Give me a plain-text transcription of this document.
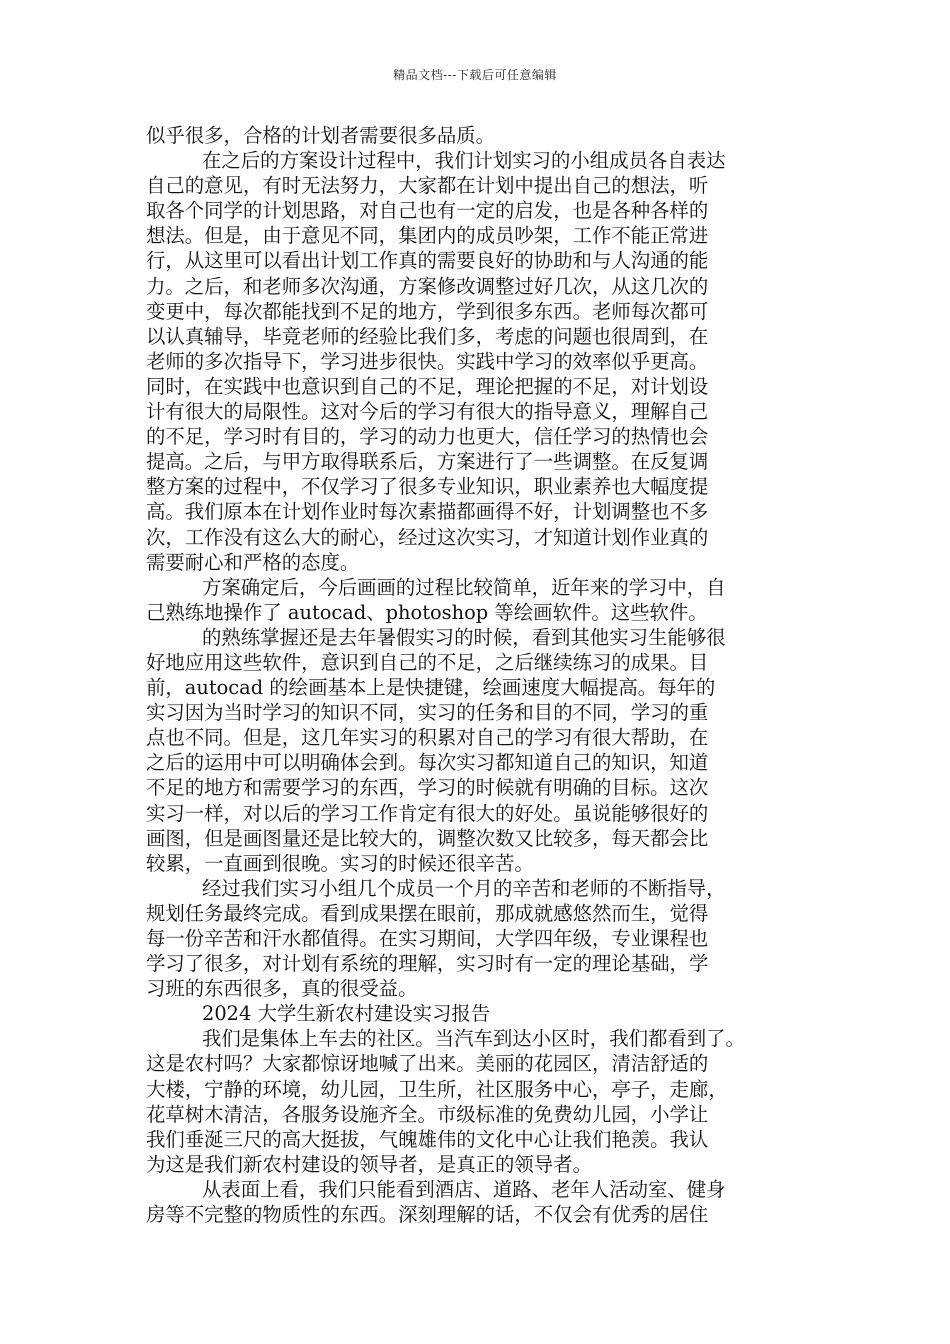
精品文档---下载后可任意编辑
似乎很多，合格的计划者需要很多品质。
在之后的方案设计过程中，我们计划实习的小组成员各自表达
自己的意见，有时无法努力，大家都在计划中提出自己的想法，听
取各个同学的计划思路，对自己也有一定的启发，也是各种各样的
想法。但是，由于意见不同，集团内的成员吵架，工作不能正常进
行，从这里可以看出计划工作真的需要良好的协助和与人沟通的能
力。之后，和老师多次沟通，方案修改调整过好几次，从这几次的
变更中，每次都能找到不足的地方，学到很多东西。老师每次都可
以认真辅导，毕竟老师的经验比我们多，考虑的问题也很周到，在
老师的多次指导下，学习进步很快。实践中学习的效率似乎更高。
同时，在实践中也意识到自己的不足，理论把握的不足，对计划设
计有很大的局限性。这对今后的学习有很大的指导意义，理解自己
的不足，学习时有目的，学习的动力也更大，信任学习的热情也会
提高。之后，与甲方取得联系后，方案进行了一些调整。在反复调
整方案的过程中，不仅学习了很多专业知识，职业素养也大幅度提
高。我们原本在计划作业时每次素描都画得不好，计划调整也不多
次，工作没有这么大的耐心，经过这次实习，才知道计划作业真的
需要耐心和严格的态度。
方案确定后，今后画画的过程比较简单，近年来的学习中，自
己熟练地操作了 autocad、photoshop 等绘画软件。这些软件。
的熟练掌握还是去年暑假实习的时候，看到其他实习生能够很
好地应用这些软件，意识到自己的不足，之后继续练习的成果。目
前，autocad 的绘画基本上是快捷键，绘画速度大幅提高。每年的
实习因为当时学习的知识不同，实习的任务和目的不同，学习的重
点也不同。但是，这几年实习的积累对自己的学习有很大帮助，在
之后的运用中可以明确体会到。每次实习都知道自己的知识，知道
不足的地方和需要学习的东西，学习的时候就有明确的目标。这次
实习一样，对以后的学习工作肯定有很大的好处。虽说能够很好的
画图，但是画图量还是比较大的，调整次数又比较多，每天都会比
较累，一直画到很晚。实习的时候还很辛苦。
经过我们实习小组几个成员一个月的辛苦和老师的不断指导，
规划任务最终完成。看到成果摆在眼前，那成就感悠然而生，觉得
每一份辛苦和汗水都值得。在实习期间，大学四年级，专业课程也
学习了很多，对计划有系统的理解，实习时有一定的理论基础，学
习班的东西很多，真的很受益。
2024 大学生新农村建设实习报告
我们是集体上车去的社区。当汽车到达小区时，我们都看到了。
这是农村吗？大家都惊讶地喊了出来。美丽的花园区，清洁舒适的
大楼，宁静的环境，幼儿园，卫生所，社区服务中心，亭子，走廊，
花草树木清洁，各服务设施齐全。市级标准的免费幼儿园，小学让
我们垂涎三尺的高大挺拔，气魄雄伟的文化中心让我们艳羡。我认
为这是我们新农村建设的领导者，是真正的领导者。
从表面上看，我们只能看到酒店、道路、老年人活动室、健身
房等不完整的物质性的东西。深刻理解的话，不仅会有优秀的居住
